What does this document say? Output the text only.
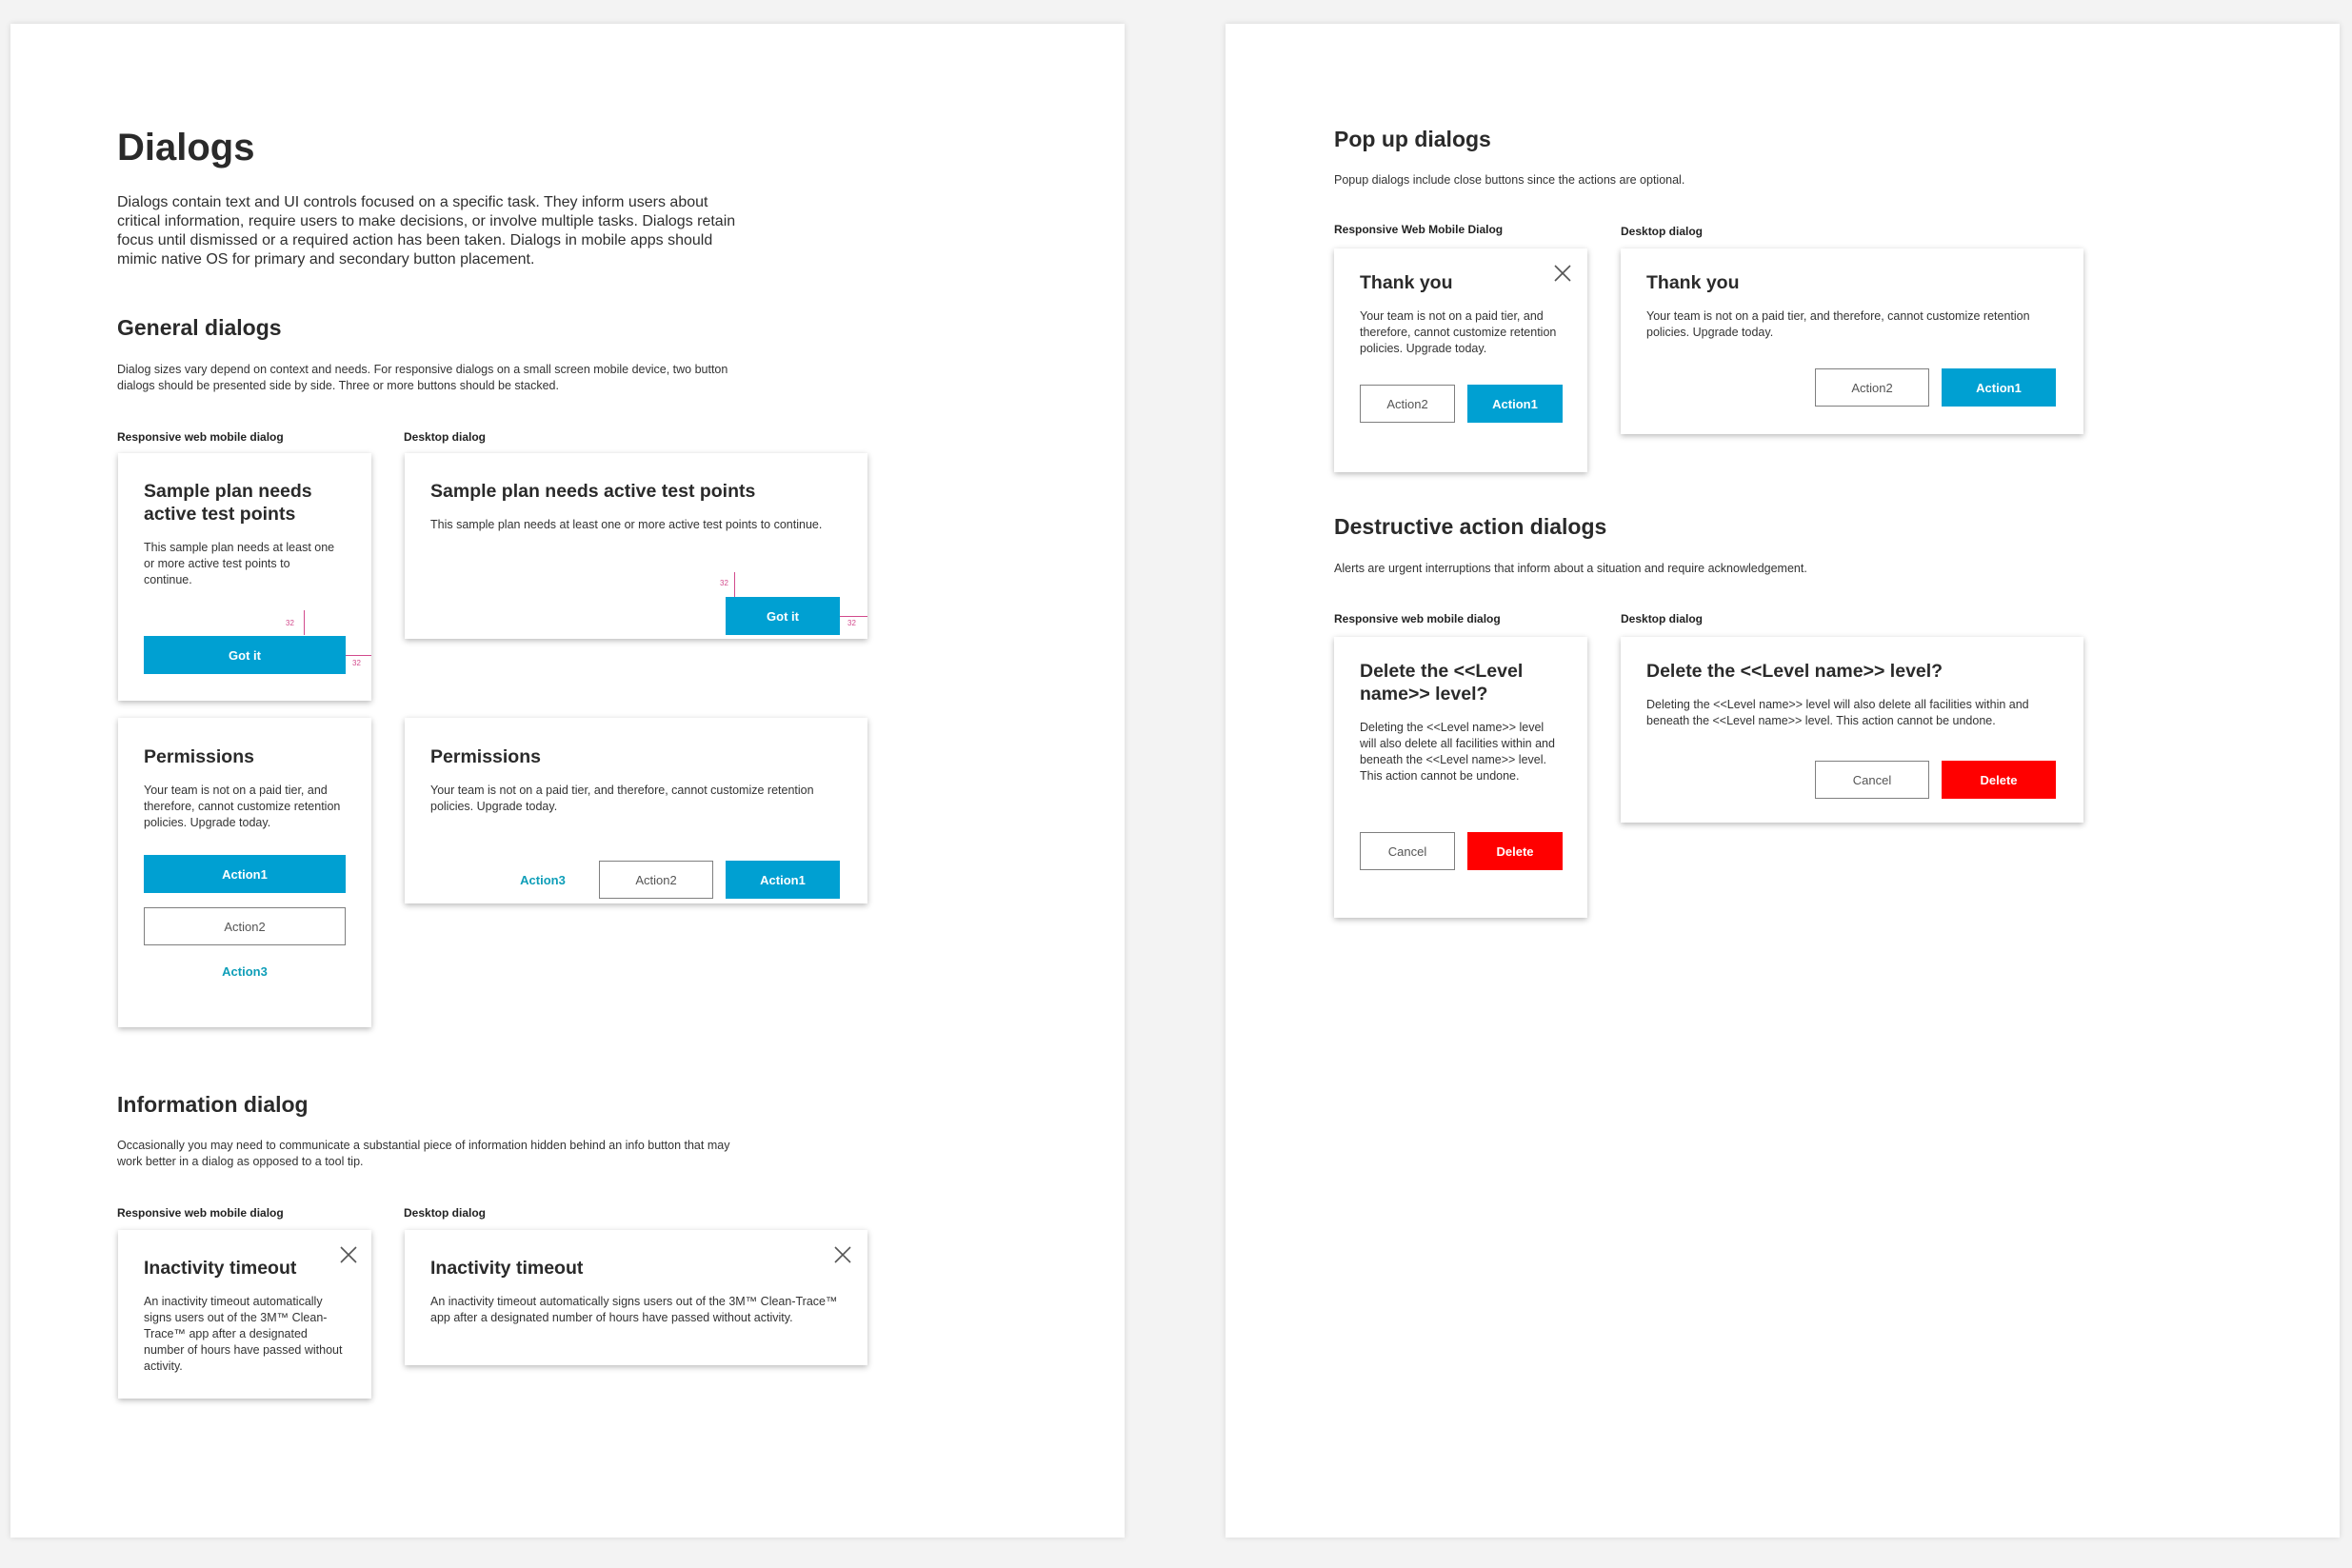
Dialogs
Dialogs contain text and UI controls focused on a specific task. They inform users about critical information, require users to make decisions, or involve multiple tasks. Dialogs retain focus until dismissed or a required action has been taken. Dialogs in mobile apps should mimic native OS for primary and secondary button placement.
General dialogs
Dialog sizes vary depend on context and needs. For responsive dialogs on a small screen mobile device, two button dialogs should be presented side by side. Three or more buttons should be stacked.
Responsive web mobile dialog	Desktop dialog
Sample plan needs active test points
This sample plan needs at least one or more active test points to continue.
32
Got it
32
Sample plan needs active test points
This sample plan needs at least one or more active test points to continue.
32
Got it	32
Permissions
Your team is not on a paid tier, and therefore, cannot customize retention policies. Upgrade today.
Action1
Action2
Action3
Permissions
Your team is not on a paid tier, and therefore, cannot customize retention policies. Upgrade today.
Action3	Action2	Action1
Information dialog
Occasionally you may need to communicate a substantial piece of information hidden behind an info button that may work better in a dialog as opposed to a tool tip.
Responsive web mobile dialog	Desktop dialog
Inactivity timeout
An inactivity timeout automatically signs users out of the 3M™ Clean-Trace™ app after a designated number of hours have passed without activity.
Inactivity timeout
An inactivity timeout automatically signs users out of the 3M™ Clean-Trace™ app after a designated number of hours have passed without activity.
Pop up dialogs
Popup dialogs include close buttons since the actions are optional.
Responsive Web Mobile Dialog	Desktop dialog
Thank you
Your team is not on a paid tier, and therefore, cannot customize retention policies. Upgrade today.
Action2	Action1
Thank you
Your team is not on a paid tier, and therefore, cannot customize retention policies. Upgrade today.
Action2	Action1
Destructive action dialogs
Alerts are urgent interruptions that inform about a situation and require acknowledgement.
Responsive web mobile dialog	Desktop dialog
Delete the <<Level name>> level?
Deleting the <<Level name>> level will also delete all facilities within and beneath the <<Level name>> level. This action cannot be undone.
Cancel	Delete
Delete the <<Level name>> level?
Deleting the <<Level name>> level will also delete all facilities within and beneath the <<Level name>> level. This action cannot be undone.
Cancel	Delete
